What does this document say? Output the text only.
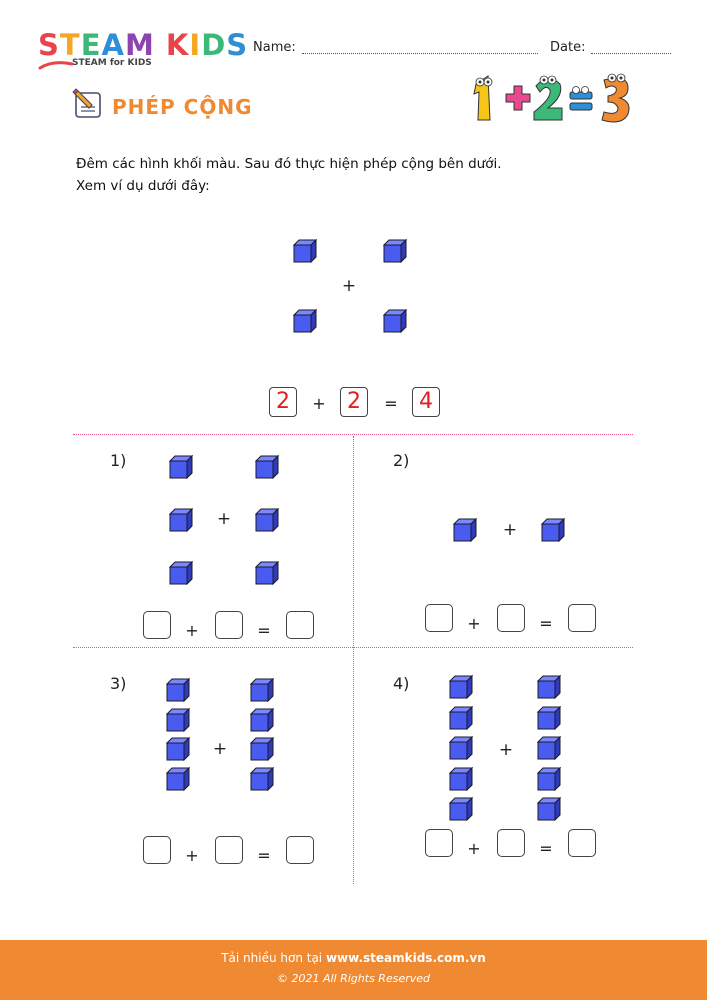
STEAM KIDS
STEAM for KIDS
Name:	Date:
PHÉP CỘNG
Đêm các hình khối màu. Sau đó thực hiện phép cộng bên dưới.
Xem ví dụ dưới đây:
+
+
+
+	+
2	+ 2	= 4
1)	2)
3)	4)
+	=	+	=
+	=	+	=
Tải nhiều hơn tại www.steamkids.com.vn
© 2021 All Rights Reserved
